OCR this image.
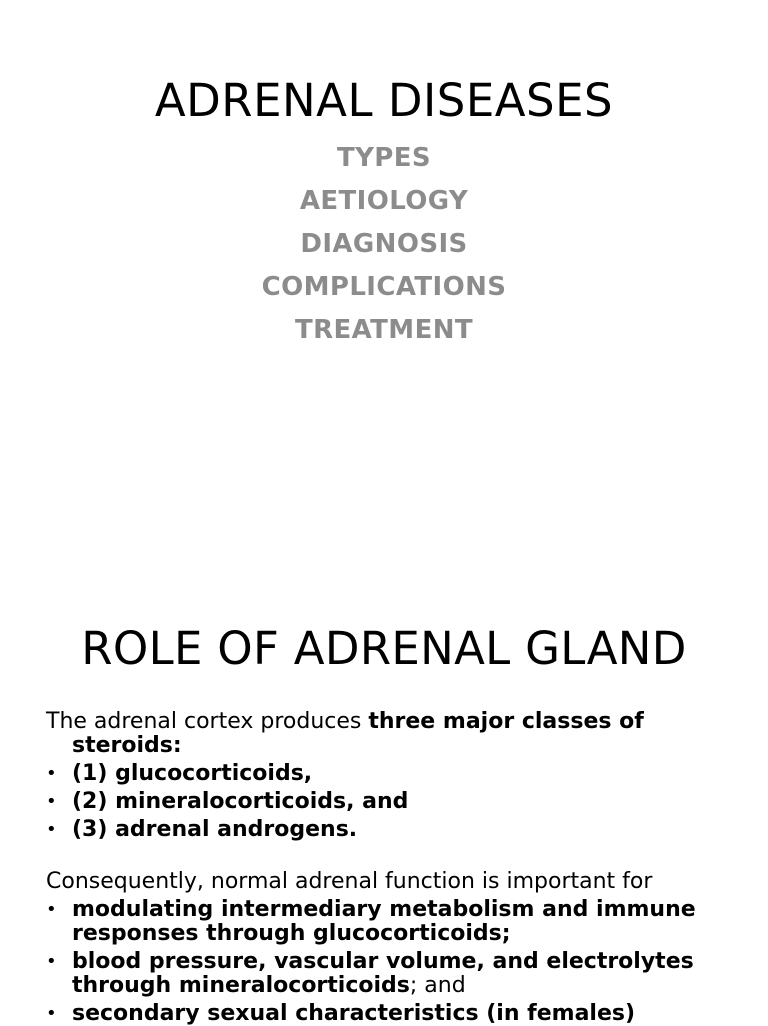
ADRENAL DISEASES
TYPES
AETIOLOGY
DIAGNOSIS
COMPLICATIONS
TREATMENT
ROLE OF ADRENAL GLAND

The adrenal cortex produces three major classes of steroids:

• (1) glucocorticoids,
• (2) mineralocorticoids, and
• (3) adrenal androgens.

Consequently, normal adrenal function is important for

• modulating intermediary metabolism and immune responses through glucocorticoids;
• blood pressure, vascular volume, and electrolytes through mineralocorticoids; and
• secondary sexual characteristics (in females)
